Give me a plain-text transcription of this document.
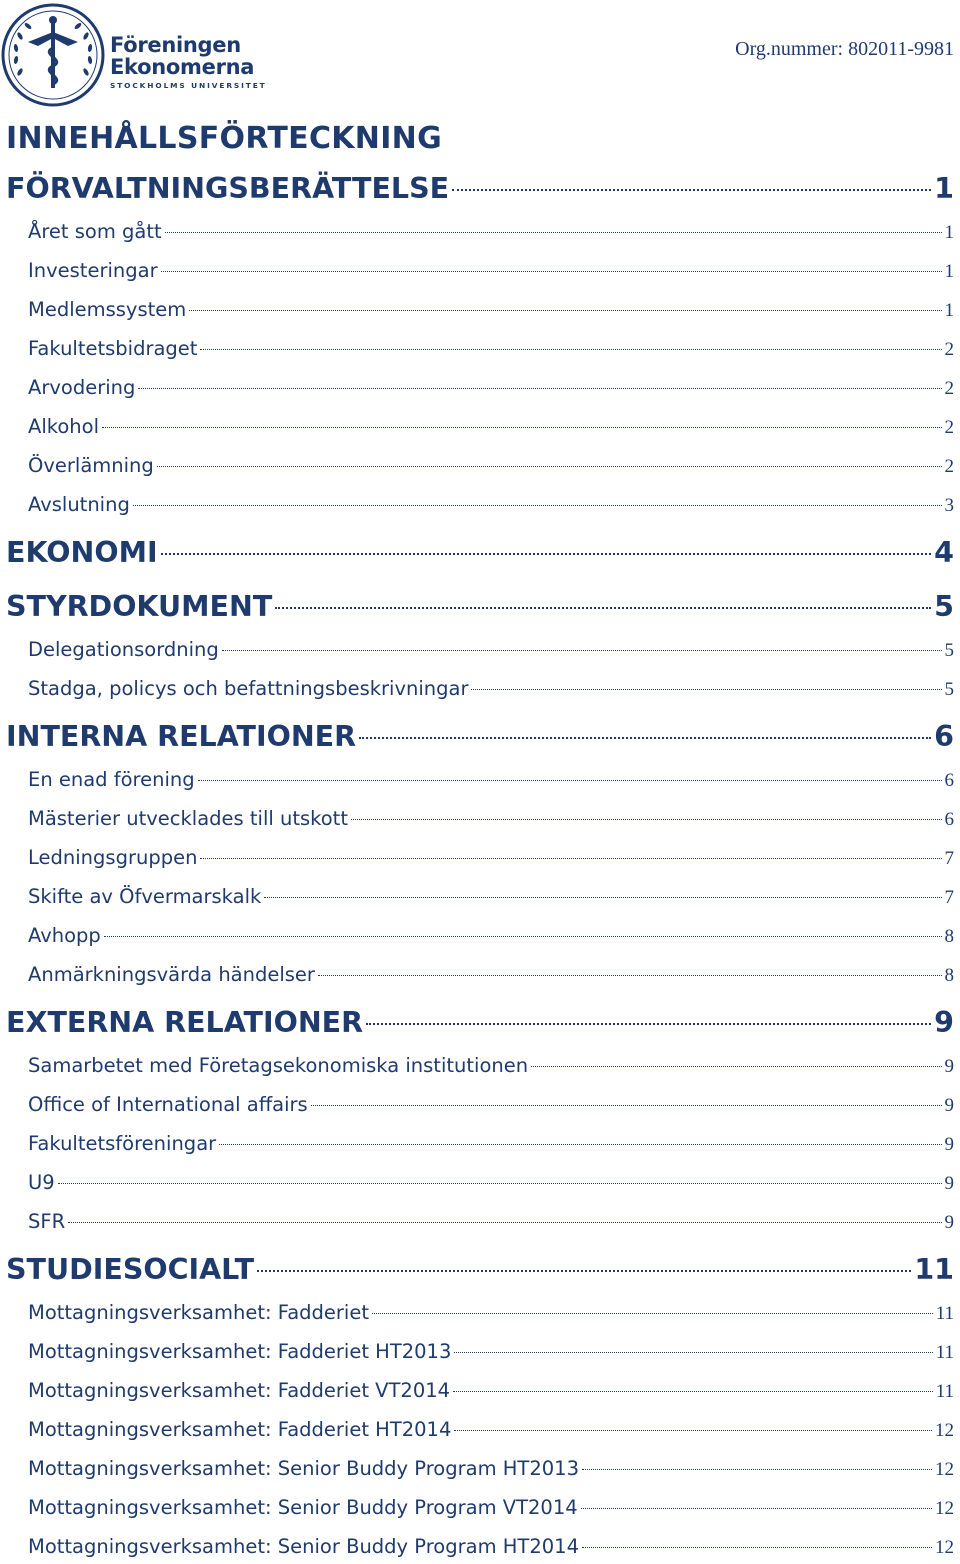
Föreningen
Ekonomerna
STOCKHOLMS UNIVERSITET
Org.nummer: 802011-9981
INNEHÅLLSFÖRTECKNING
FÖRVALTNINGSBERÄTTELSE	1
Året som gått	1
Investeringar	1
Medlemssystem	1
Fakultetsbidraget	2
Arvodering	2
Alkohol	2
Överlämning	2
Avslutning	3
EKONOMI	4
STYRDOKUMENT	5
Delegationsordning	5
Stadga, policys och befattningsbeskrivningar	5
INTERNA RELATIONER	6
En enad förening	6
Mästerier utvecklades till utskott	6
Ledningsgruppen	7
Skifte av Öfvermarskalk	7
Avhopp	8
Anmärkningsvärda händelser	8
EXTERNA RELATIONER	9
Samarbetet med Företagsekonomiska institutionen	9
Office of International affairs	9
Fakultetsföreningar	9
U9	9
SFR	9
STUDIESOCIALT	11
Mottagningsverksamhet: Fadderiet	11
Mottagningsverksamhet: Fadderiet HT2013	11
Mottagningsverksamhet: Fadderiet VT2014	11
Mottagningsverksamhet: Fadderiet HT2014	12
Mottagningsverksamhet: Senior Buddy Program HT2013	12
Mottagningsverksamhet: Senior Buddy Program VT2014	12
Mottagningsverksamhet: Senior Buddy Program HT2014	12
